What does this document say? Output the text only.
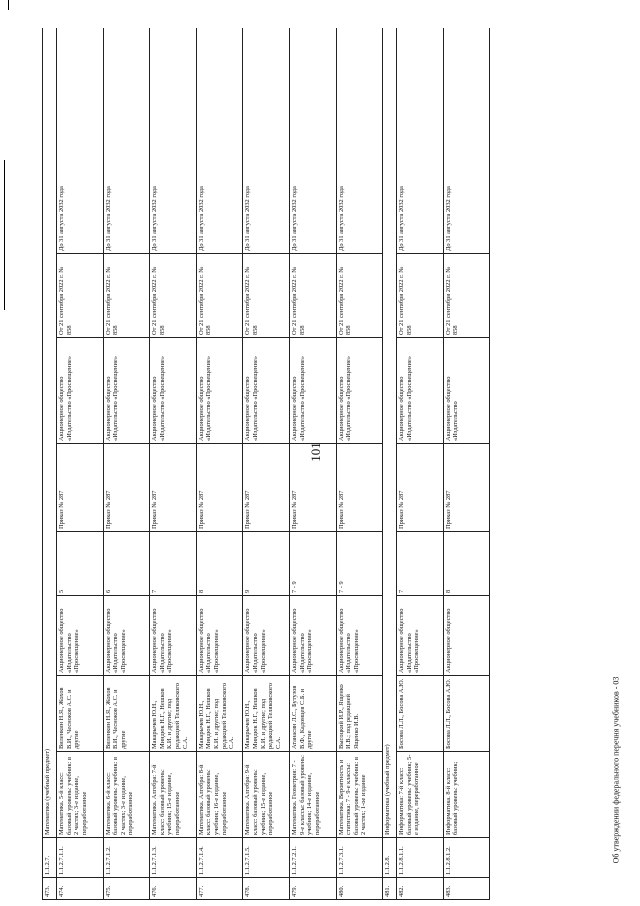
101
473.	1.1.2.7.	Математика (учебный предмет)							
474.	1.1.2.7.1.1.	Математика. 5-й класс: базовый уровень: учебник: в 2 частях; 3-е издание, переработанное	Виленкин Н.Я., Жохов В.И., Чесноков А.С. и другие	Акционерное общество «Издательство «Просвещение»	5	Приказ № 287	Акционерное общество «Издательство «Просвещение»	От 21 сентября 2022 г. № 858	До 31 августа 2032 года
475.	1.1.2.7.1.2.	Математика. 6-й класс: базовый уровень: учебник: в 2 частях; 3-е издание, переработанное	Виленкин Н.Я., Жохов В.И., Чесноков А.С. и другие	Акционерное общество «Издательство «Просвещение»	6	Приказ № 287	Акционерное общество «Издательство «Просвещение»	От 21 сентября 2022 г. № 858	До 31 августа 2032 года
476.	1.1.2.7.1.3.	Математика. Алгебра: 7-й класс: базовый уровень: учебник; 15-е издание, переработанное	Макарычев Ю.Н., Миндюк Н.Г., Нешков К.И. и другие; под редакцией Теляковского С.А.	Акционерное общество «Издательство «Просвещение»	7	Приказ № 287	Акционерное общество «Издательство «Просвещение»	От 21 сентября 2022 г. № 858	До 31 августа 2032 года
477.	1.1.2.7.1.4.	Математика. Алгебра: 8-й класс: базовый уровень: учебник; 16-е издание, переработанное	Макарычев Ю.Н., Миндюк Н.Г., Нешков К.И. и другие; под редакцией Теляковского С.А.	Акционерное общество «Издательство «Просвещение»	8	Приказ № 287	Акционерное общество «Издательство «Просвещение»	От 21 сентября 2022 г. № 858	До 31 августа 2032 года
478.	1.1.2.7.1.5.	Математика. Алгебра: 9-й класс: базовый уровень: учебник; 15-е издание, переработанное	Макарычев Ю.Н., Миндюк Н.Г., Нешков К.И. и другие; под редакцией Теляковского С.А.	Акционерное общество «Издательство «Просвещение»	9	Приказ № 287	Акционерное общество «Издательство «Просвещение»	От 21 сентября 2022 г. № 858	До 31 августа 2032 года
479.	1.1.2.7.2.1.	Математика. Геометрия: 7 - 9-е классы: базовый уровень: учебник; 14-е издание, переработанное	Атанасян Л.С., Бутузов В.Ф., Кадомцев С.Б. и другие	Акционерное общество «Издательство «Просвещение»	7 - 9	Приказ № 287	Акционерное общество «Издательство «Просвещение»	От 21 сентября 2022 г. № 858	До 31 августа 2032 года
480.	1.1.2.7.3.1.	Математика. Вероятность и статистика: 7 - 9-е классы: базовый уровень: учебник: в 2 частях; 1-ое издание	Высоцкий И.Р., Ященко И.В.; под редакцией Ященко И.В.	Акционерное общество «Издательство «Просвещение»	7 - 9	Приказ № 287	Акционерное общество «Издательство «Просвещение»	От 21 сентября 2022 г. № 858	До 31 августа 2032 года
481.	1.1.2.8.	Информатика (учебный предмет)							
482.	1.1.2.8.1.1.	Информатика: 7-й класс: базовый уровень: учебник; 5-е издание, переработанное	Босова Л.Л., Босова А.Ю.	Акционерное общество «Издательство «Просвещение»	7	Приказ № 287	Акционерное общество «Издательство «Просвещение»	От 21 сентября 2022 г. № 858	До 31 августа 2032 года
483.	1.1.2.8.1.2.	Информатика. 8-й класс: базовый уровень: учебник;	Босова Л.Л., Босова А.Ю.	Акционерное общество	8	Приказ № 287	Акционерное общество «Издательство	От 21 сентября 2022 г. № 858	До 31 августа 2032 года
Об утверждении федерального перечня учебников - 03
